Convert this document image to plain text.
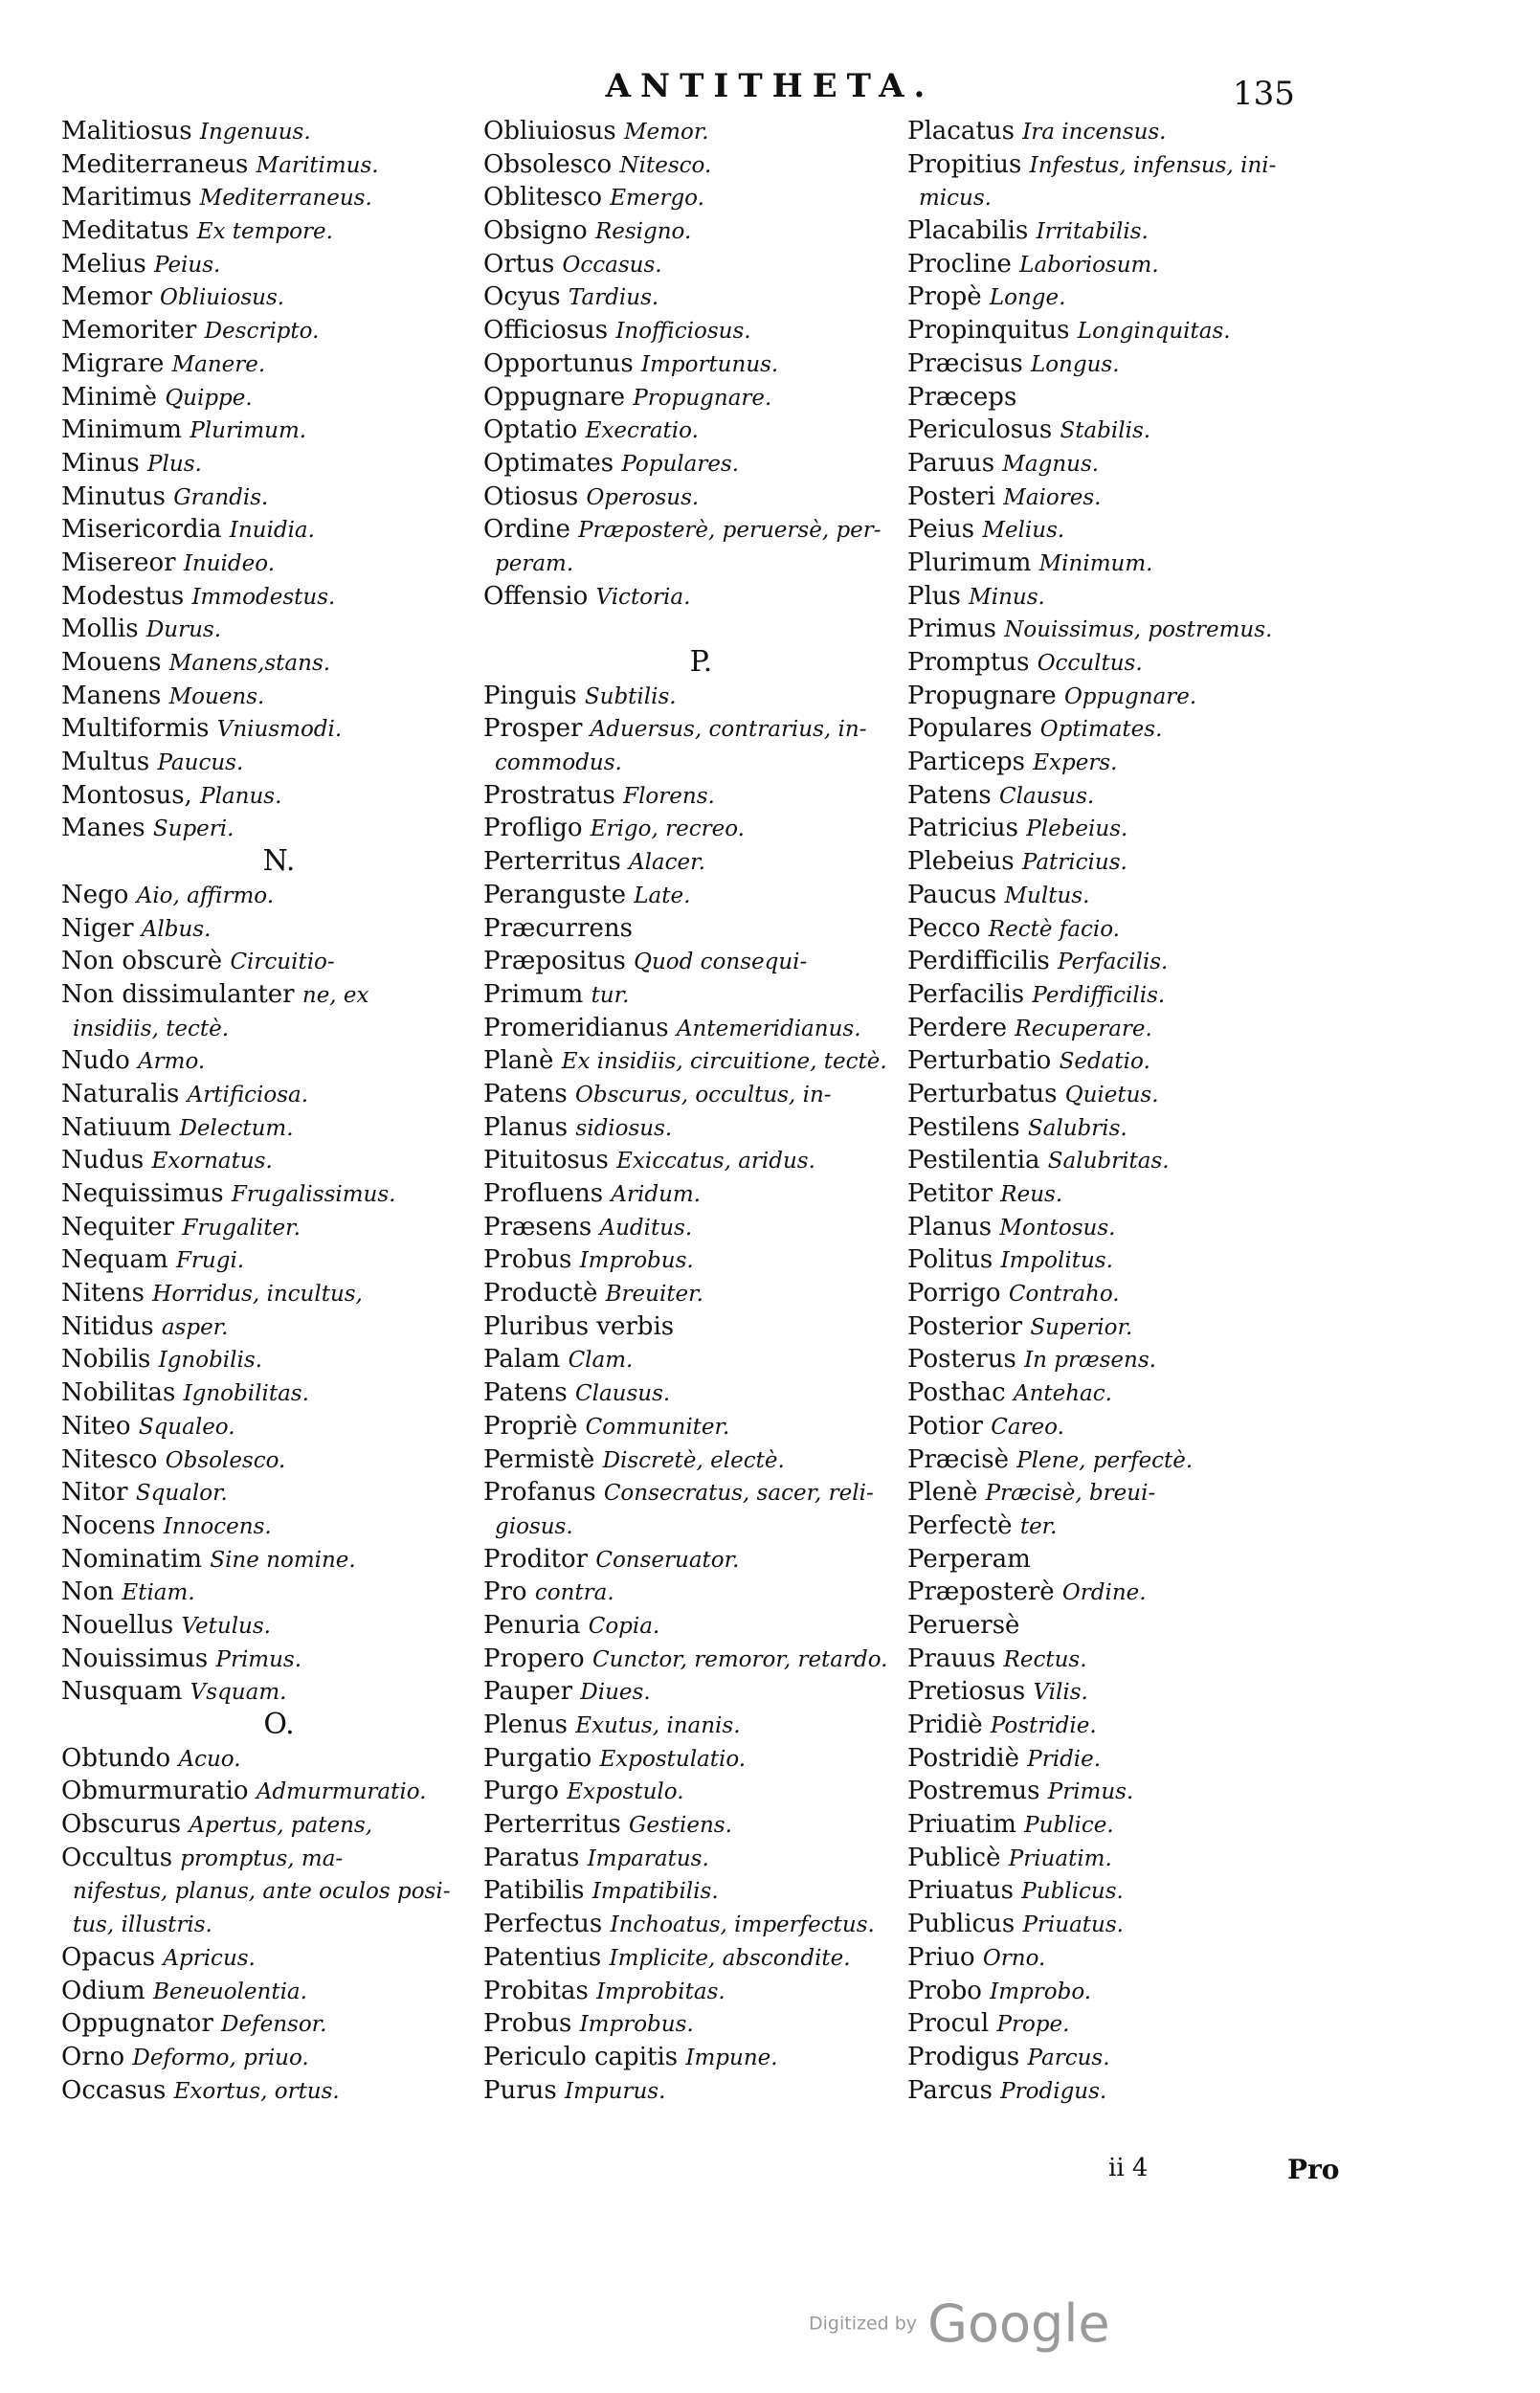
ANTITHETA.	135
Malitiosus Ingenuus.
Mediterraneus Maritimus.
Maritimus Mediterraneus.
Meditatus Ex tempore.
Melius Peius.
Memor Obliuiosus.
Memoriter Descripto.
Migrare Manere.
Minimè Quippe.
Minimum Plurimum.
Minus Plus.
Minutus Grandis.
Misericordia Inuidia.
Misereor Inuideo.
Modestus Immodestus.
Mollis Durus.
Mouens Manens,stans.
Manens Mouens.
Multiformis Vniusmodi.
Multus Paucus.
Montosus, Planus.
Manes Superi.
N.
Nego Aio, affirmo.
Niger Albus.
Non obscurè Circuitio-
Non dissimulanter ne, ex
insidiis, tectè.
Nudo Armo.
Naturalis Artificiosa.
Natiuum Delectum.
Nudus Exornatus.
Nequissimus Frugalissimus.
Nequiter Frugaliter.
Nequam Frugi.
Nitens Horridus, incultus,
Nitidus asper.
Nobilis Ignobilis.
Nobilitas Ignobilitas.
Niteo Squaleo.
Nitesco Obsolesco.
Nitor Squalor.
Nocens Innocens.
Nominatim Sine nomine.
Non Etiam.
Nouellus Vetulus.
Nouissimus Primus.
Nusquam Vsquam.
O.
Obtundo Acuo.
Obmurmuratio Admurmuratio.
Obscurus Apertus, patens,
Occultus promptus, ma-
nifestus, planus, ante oculos posi-
tus, illustris.
Opacus Apricus.
Odium Beneuolentia.
Oppugnator Defensor.
Orno Deformo, priuo.
Occasus Exortus, ortus.
Obliuiosus Memor.
Obsolesco Nitesco.
Oblitesco Emergo.
Obsigno Resigno.
Ortus Occasus.
Ocyus Tardius.
Officiosus Inofficiosus.
Opportunus Importunus.
Oppugnare Propugnare.
Optatio Execratio.
Optimates Populares.
Otiosus Operosus.
Ordine Præposterè, peruersè, per-
peram.
Offensio Victoria.
P.
Pinguis Subtilis.
Prosper Aduersus, contrarius, in-
commodus.
Prostratus Florens.
Profligo Erigo, recreo.
Perterritus Alacer.
Peranguste Late.
Præcurrens
Præpositus Quod consequi-
Primum tur.
Promeridianus Antemeridianus.
Planè Ex insidiis, circuitione, tectè.
Patens Obscurus, occultus, in-
Planus sidiosus.
Pituitosus Exiccatus, aridus.
Profluens Aridum.
Præsens Auditus.
Probus Improbus.
Productè Breuiter.
Pluribus verbis
Palam Clam.
Patens Clausus.
Propriè Communiter.
Permistè Discretè, electè.
Profanus Consecratus, sacer, reli-
giosus.
Proditor Conseruator.
Pro contra.
Penuria Copia.
Propero Cunctor, remoror, retardo.
Pauper Diues.
Plenus Exutus, inanis.
Purgatio Expostulatio.
Purgo Expostulo.
Perterritus Gestiens.
Paratus Imparatus.
Patibilis Impatibilis.
Perfectus Inchoatus, imperfectus.
Patentius Implicite, abscondite.
Probitas Improbitas.
Probus Improbus.
Periculo capitis Impune.
Purus Impurus.
Placatus Ira incensus.
Propitius Infestus, infensus, ini-
micus.
Placabilis Irritabilis.
Procline Laboriosum.
Propè Longe.
Propinquitus Longinquitas.
Præcisus Longus.
Præceps
Periculosus Stabilis.
Paruus Magnus.
Posteri Maiores.
Peius Melius.
Plurimum Minimum.
Plus Minus.
Primus Nouissimus, postremus.
Promptus Occultus.
Propugnare Oppugnare.
Populares Optimates.
Particeps Expers.
Patens Clausus.
Patricius Plebeius.
Plebeius Patricius.
Paucus Multus.
Pecco Rectè facio.
Perdifficilis Perfacilis.
Perfacilis Perdifficilis.
Perdere Recuperare.
Perturbatio Sedatio.
Perturbatus Quietus.
Pestilens Salubris.
Pestilentia Salubritas.
Petitor Reus.
Planus Montosus.
Politus Impolitus.
Porrigo Contraho.
Posterior Superior.
Posterus In præsens.
Posthac Antehac.
Potior Careo.
Præcisè Plene, perfectè.
Plenè Præcisè, breui-
Perfectè ter.
Perperam
Præposterè Ordine.
Peruersè
Prauus Rectus.
Pretiosus Vilis.
Pridiè Postridie.
Postridiè Pridie.
Postremus Primus.
Priuatim Publice.
Publicè Priuatim.
Priuatus Publicus.
Publicus Priuatus.
Priuo Orno.
Probo Improbo.
Procul Prope.
Prodigus Parcus.
Parcus Prodigus.
ii 4	Pro
Digitized by Google
